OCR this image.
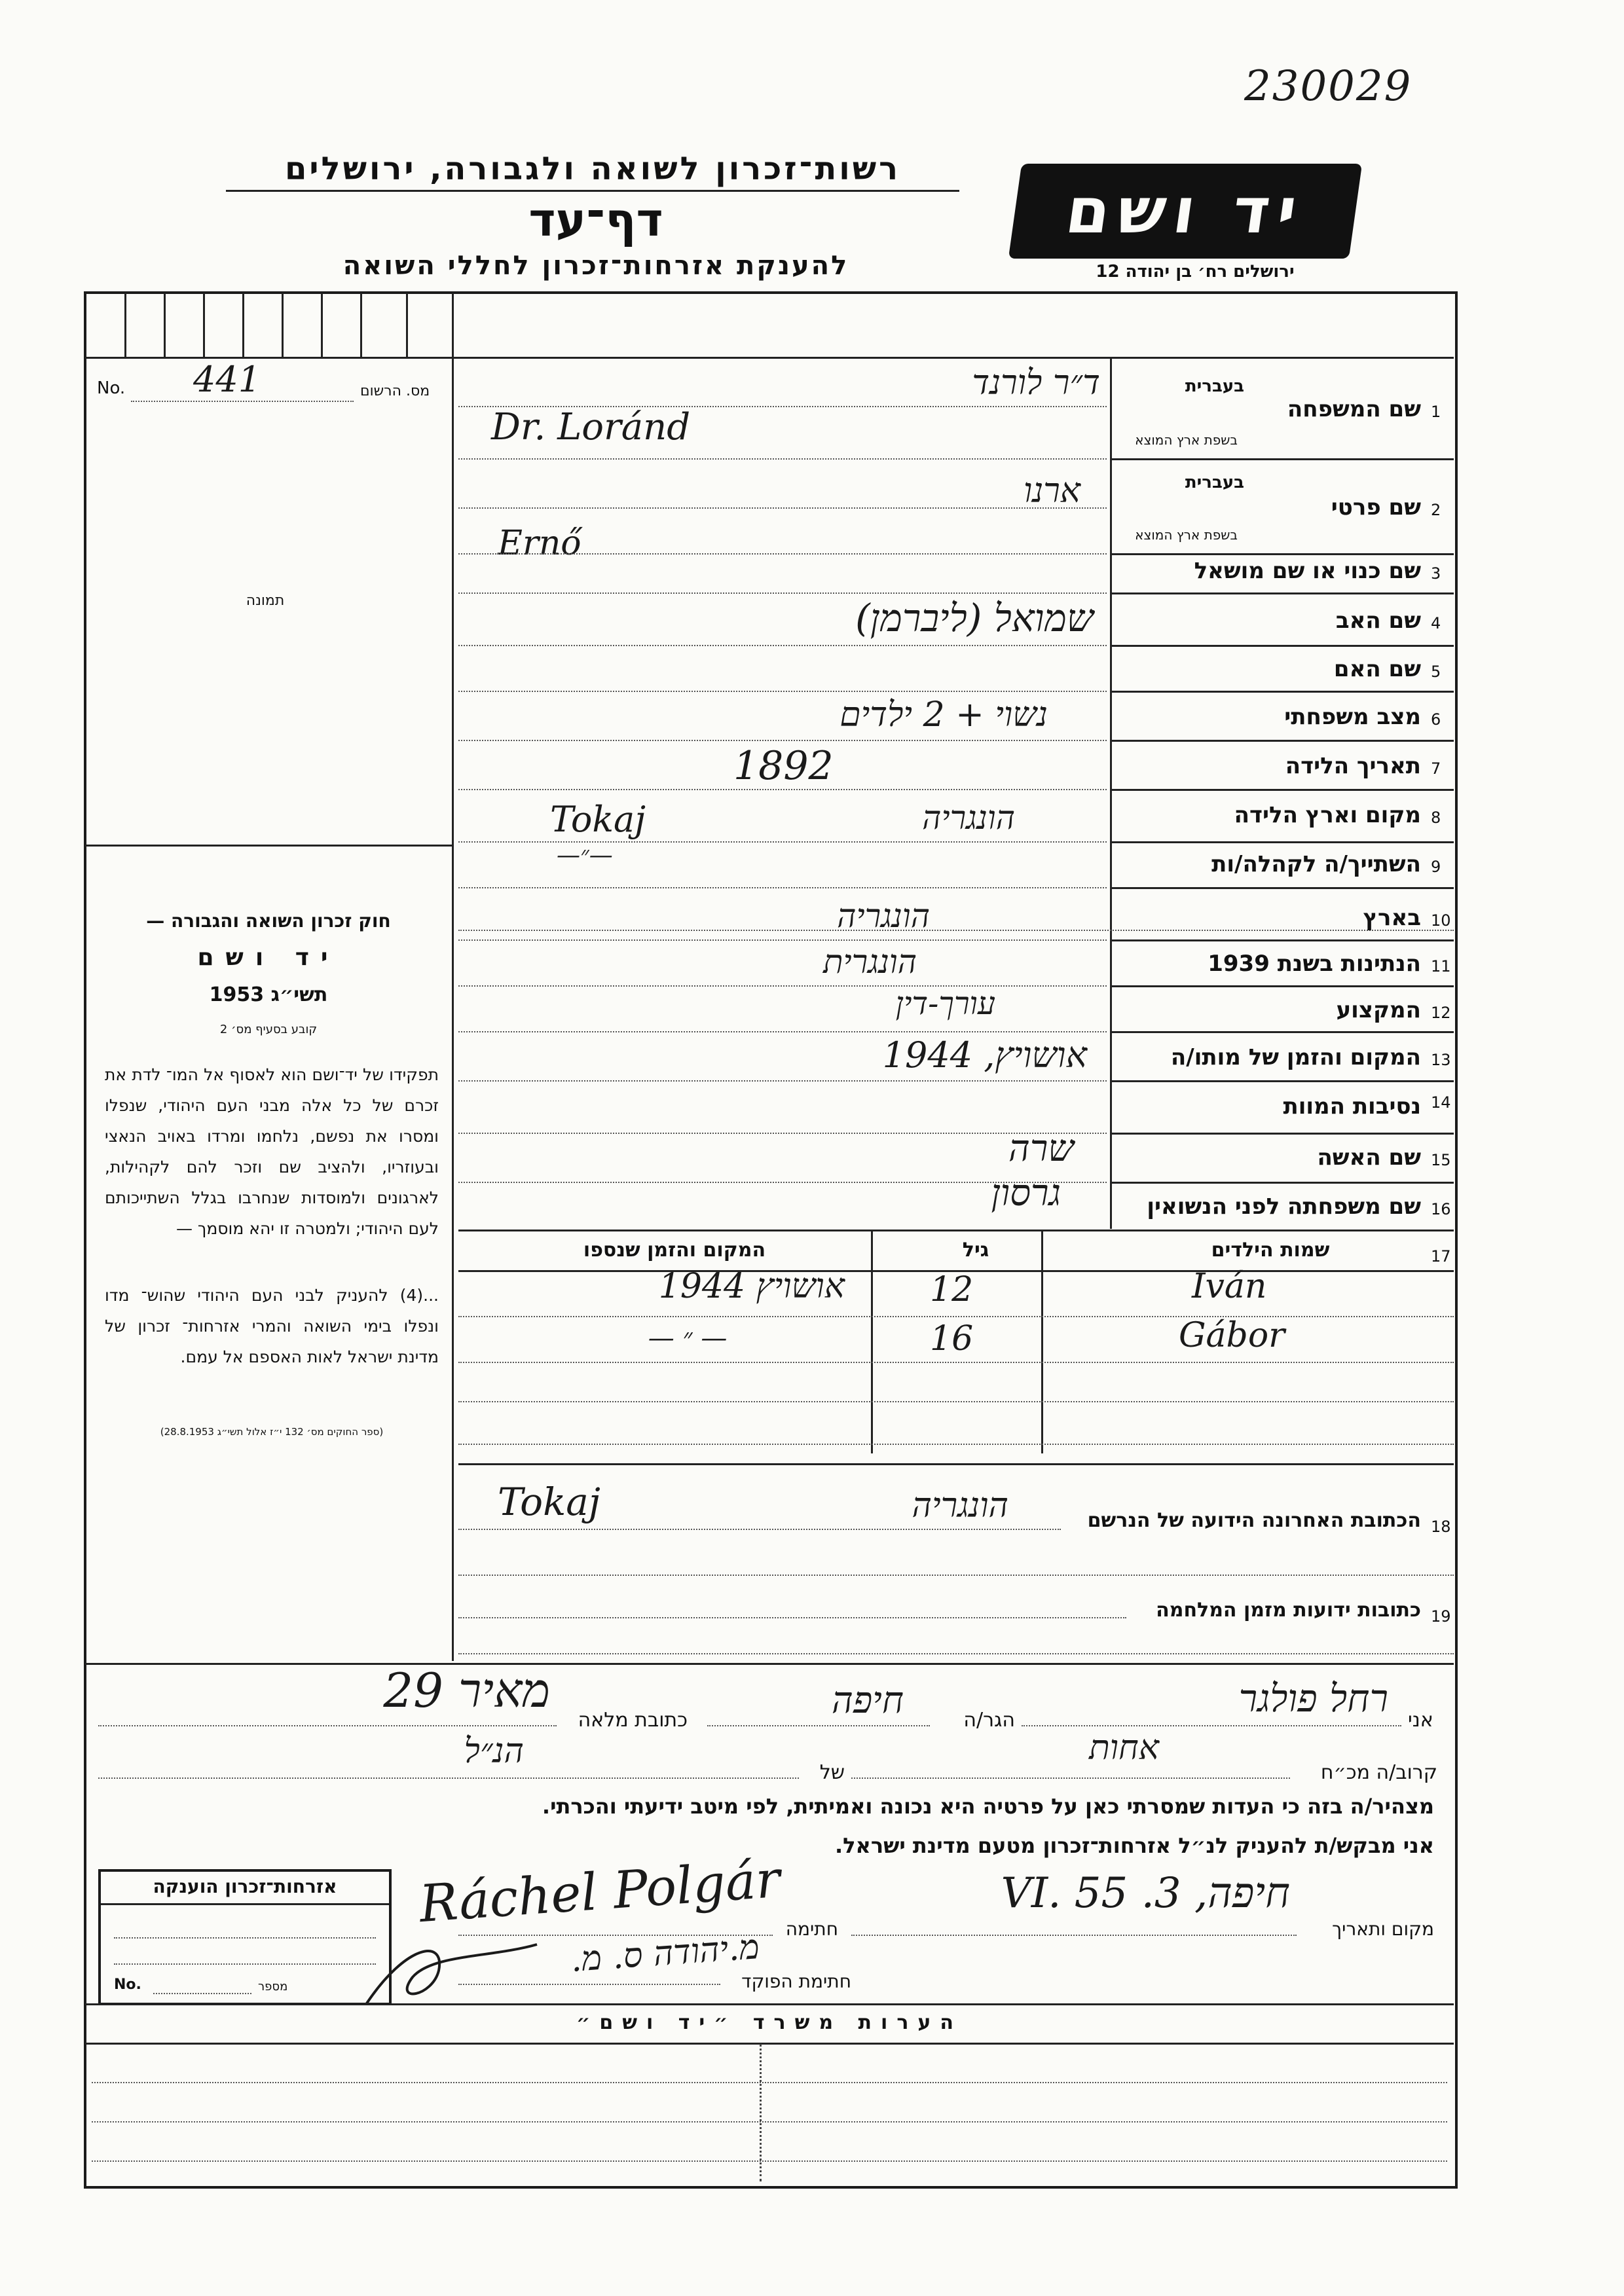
230029
רשות־זכרון לשואה ולגבורה, ירושלים
דף־עד
להענקת אזרחות־זכרון לחללי השואה
יד ושם
ירושלים רח׳ בן יהודה 12
No. 441	מס. הרשום
תמונה
חוק זכרון השואה והגבורה —
יד ושם
תשי״ג 1953
קובע בסעיף מס׳ 2
תפקידו של יד־ושם הוא לאסוף אל המו־ לדת את זכרם של כל אלה מבני העם היהודי, שנפלו ומסרו את נפשם, נלחמו ומרדו באויב הנאצי ובעוזריו, ולהציב שם וזכר להם לקהילות, לארגונים ולמוסדות שנחרבו בגלל השתייכותם לעם היהודי; ולמטרה זו יהא מוסמך —
...(4) להעניק לבני העם היהודי שהוש־ מדו ונפלו בימי השואה והמרי אזרחות־ זכרון של מדינת ישראל לאות האספם אל עמם.
(ספר החוקים מס׳ 132 י״ז אלול תשי״ג 28.8.1953)
1
שם המשפחה
בעברית
בשפת ארץ המוצא
ד״ר לורנד
Dr. Loránd
2
שם פרטי
בעברית
בשפת ארץ המוצא
ארנו
Ernő
3
שם כנוי או שם מושאל
4
שם האב
שמואל (ליברמן)
5
שם האם
6
מצב משפחתי
נשוי + 2 ילדים
7
תאריך הלידה
1892
8
מקום וארץ הלידה
הונגריה
Tokaj
9
השתייך/ה לקהלה/ות
—״—
10
בארץ
הונגריה
11
הנתינות בשנת 1939
הונגרית
12
המקצוע
עורך-דין
13
המקום והזמן של מותו/ה
אושויץ, 1944
14
נסיבות המוות
15
שם האשה
שרה
16
שם משפחתה לפני הנשואין
גרסון
17
שמות הילדים
גיל
המקום והזמן שנספו
Iván
12
אושויץ 1944
Gábor
16
— ״ —
18
הכתובת האחרונה הידועה של הנרשם
הונגריה
Tokaj
19
כתובות ידועות מזמן המלחמה
אני
רחל פולגר
הגר/ה
חיפה
כתובת מלאה
מאיר 29
קרוב/ה מכ״ח
אחות
של
הנ״ל
מצהיר/ה בזה כי העדות שמסרתי כאן על פרטיה היא נכונה ואמיתית, לפי מיטב ידיעתי והכרתי.
אני מבקש/ת להעניק לנ״ל אזרחות־זכרון מטעם מדינת ישראל.
מקום ותאריך
חיפה, 3. VI. 55
חתימה
Ráchel Polgár
מ.יהודה ס. מ.
חתימת הפוקד
אזרחות־זכרון הוענקה
No.	מספר
הערות משרד ״יד ושם״
